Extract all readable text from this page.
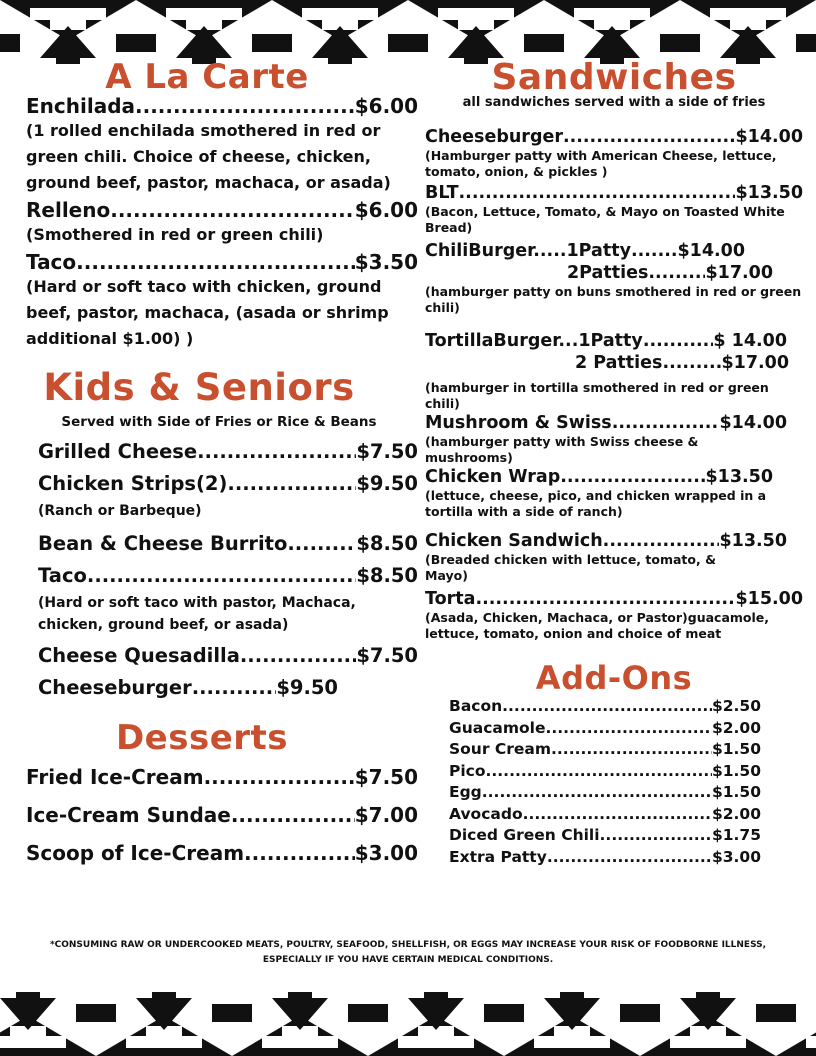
A La Carte
Enchilada .....	$6.00
(1 rolled enchilada smothered in red or green chili. Choice of cheese, chicken, ground beef, pastor, machaca, or asada)
Relleno .....	$6.00
(Smothered in red or green chili)
Taco .....	$3.50
(Hard or soft taco with chicken, ground beef, pastor, machaca, (asada or shrimp additional $1.00) )
Kids & Seniors
Served with Side of Fries or Rice & Beans
Grilled Cheese .....	$7.50
Chicken Strips(2) .....	$9.50
(Ranch or Barbeque)
Bean & Cheese Burrito .....	$8.50
Taco .....	$8.50
(Hard or soft taco with pastor, Machaca, chicken, ground beef, or asada)
Cheese Quesadilla .....	$7.50
Cheeseburger .....	$9.50
Desserts
Fried Ice-Cream .....	$7.50
Ice-Cream Sundae .....	$7.00
Scoop of Ice-Cream .....	$3.00
Sandwiches
all sandwiches served with a side of fries
Cheeseburger .....	$14.00
(Hamburger patty with American Cheese, lettuce, tomato, onion, & pickles )
BLT .....	$13.50
(Bacon, Lettuce, Tomato, & Mayo on Toasted White Bread)
ChiliBurger.....1Patty .....	$14.00
2Patties .....	$17.00
(hamburger patty on buns smothered in red or green chili)
TortillaBurger...1Patty .....	$ 14.00
2 Patties .....	$17.00
(hamburger in tortilla smothered in red or green chili)
Mushroom & Swiss .....	$14.00
(hamburger patty with Swiss cheese & mushrooms)
Chicken Wrap .....	$13.50
(lettuce, cheese, pico, and chicken wrapped in a tortilla with a side of ranch)
Chicken Sandwich .....	$13.50
(Breaded chicken with lettuce, tomato, & Mayo)
Torta .....	$15.00
(Asada, Chicken, Machaca, or Pastor)guacamole, lettuce, tomato, onion and choice of meat
Add-Ons
Bacon .....	$2.50
Guacamole .....	$2.00
Sour Cream .....	$1.50
Pico .....	$1.50
Egg .....	$1.50
Avocado .....	$2.00
Diced Green Chili .....	$1.75
Extra Patty .....	$3.00
*CONSUMING RAW OR UNDERCOOKED MEATS, POULTRY, SEAFOOD, SHELLFISH, OR EGGS MAY INCREASE YOUR RISK OF FOODBORNE ILLNESS, ESPECIALLY IF YOU HAVE CERTAIN MEDICAL CONDITIONS.
